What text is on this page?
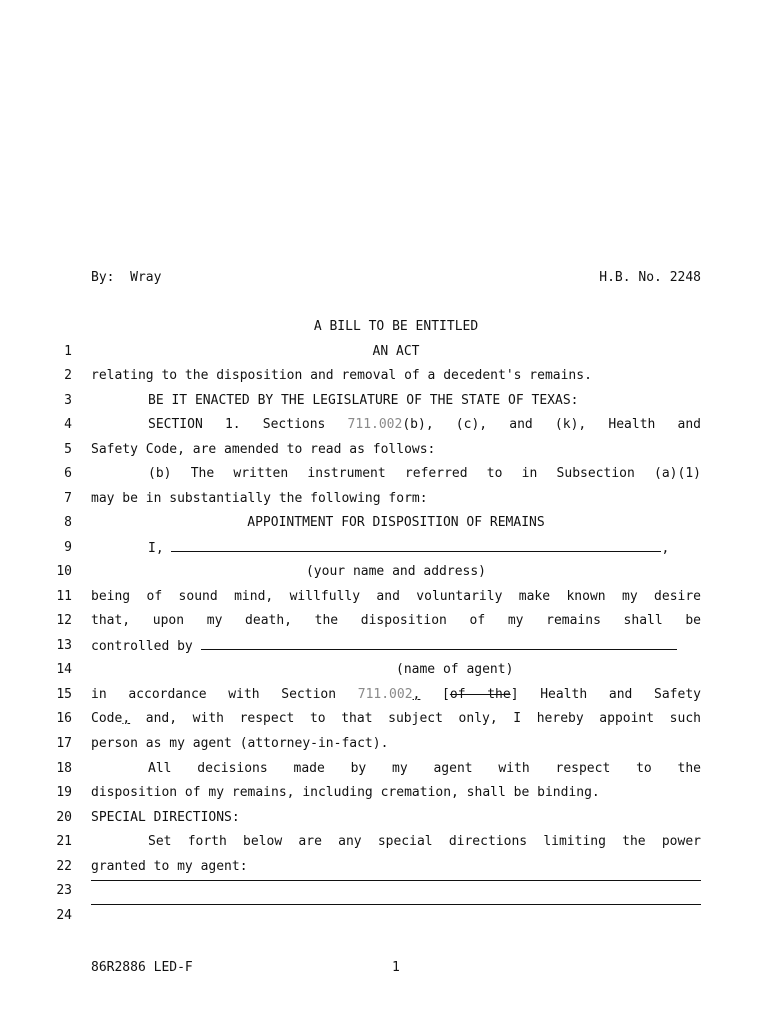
By:  Wray	H.B. No. 2248
A BILL TO BE ENTITLED
1
2
3
4
5
6
7
8
9
10
11
12
13
14
15
16
17
18
19
20
21
22
23
24
AN ACT
relating to the disposition and removal of a decedent's remains.
BE IT ENACTED BY THE LEGISLATURE OF THE STATE OF TEXAS:
SECTION 1. Sections 711.002(b), (c), and (k), Health and
Safety Code, are amended to read as follows:
(b) The written instrument referred to in Subsection (a)(1)
may be in substantially the following form:
APPOINTMENT FOR DISPOSITION OF REMAINS
I,	,
(your name and address)
being of sound mind, willfully and voluntarily make known my desire
that, upon my death, the disposition of my remains shall be
controlled by
(name of agent)
in accordance with Section 711.002, [of the] Health and Safety
Code, and, with respect to that subject only, I hereby appoint such
person as my agent (attorney-in-fact).
All decisions made by my agent with respect to the
disposition of my remains, including cremation, shall be binding.
SPECIAL DIRECTIONS:
Set forth below are any special directions limiting the power
granted to my agent:
86R2886 LED-F	1
